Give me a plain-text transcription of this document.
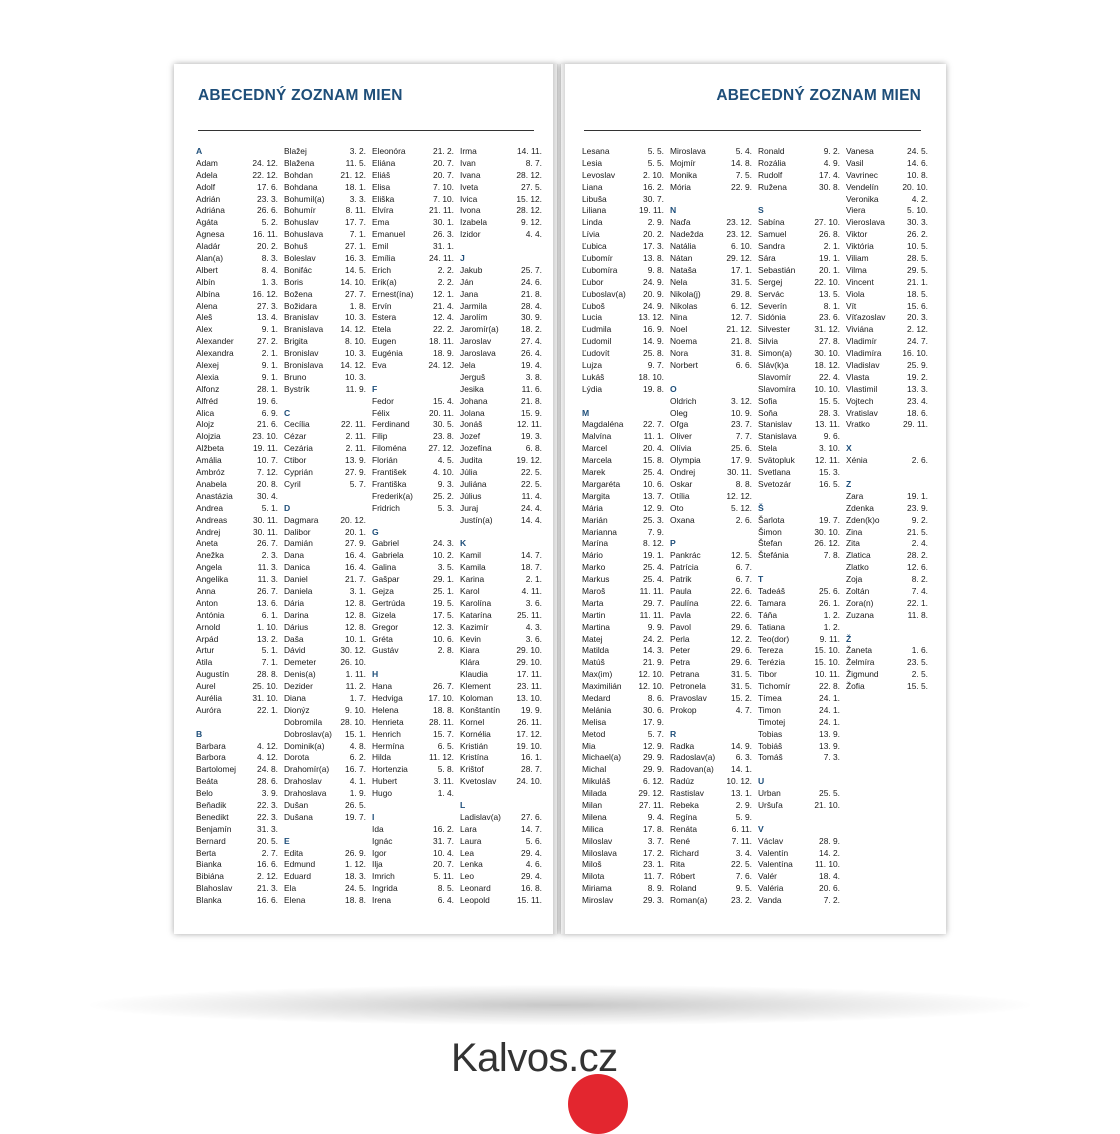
ABECEDNÝ ZOZNAM MIEN
A
Adam	24. 12.
Adela	22. 12.
Adolf	17. 6.
Adrián	23. 3.
Adriána	26. 6.
Agáta	5. 2.
Agnesa	16. 11.
Aladár	20. 2.
Alan(a)	8. 3.
Albert	8. 4.
Albín	1. 3.
Albína	16. 12.
Alena	27. 3.
Aleš	13. 4.
Alex	9. 1.
Alexander	27. 2.
Alexandra	2. 1.
Alexej	9. 1.
Alexia	9. 1.
Alfonz	28. 1.
Alfréd	19. 6.
Alica	6. 9.
Alojz	21. 6.
Alojzia	23. 10.
Alžbeta	19. 11.
Amália	10. 7.
Ambróz	7. 12.
Anabela	20. 8.
Anastázia	30. 4.
Andrea	5. 1.
Andreas	30. 11.
Andrej	30. 11.
Aneta	26. 7.
Anežka	2. 3.
Angela	11. 3.
Angelika	11. 3.
Anna	26. 7.
Anton	13. 6.
Antónia	6. 1.
Arnold	1. 10.
Arpád	13. 2.
Artur	5. 1.
Atila	7. 1.
Augustín	28. 8.
Aurel	25. 10.
Aurélia	31. 10.
Auróra	22. 1.
B
Barbara	4. 12.
Barbora	4. 12.
Bartolomej	24. 8.
Beáta	28. 6.
Belo	3. 9.
Beňadik	22. 3.
Benedikt	22. 3.
Benjamín	31. 3.
Bernard	20. 5.
Berta	2. 7.
Bianka	16. 6.
Bibiána	2. 12.
Blahoslav	21. 3.
Blanka	16. 6.
Blažej	3. 2.
Blažena	11. 5.
Bohdan	21. 12.
Bohdana	18. 1.
Bohumil(a)	3. 3.
Bohumír	8. 11.
Bohuslav	17. 7.
Bohuslava	7. 1.
Bohuš	27. 1.
Boleslav	16. 3.
Bonifác	14. 5.
Boris	14. 10.
Božena	27. 7.
Božidara	1. 8.
Branislav	10. 3.
Branislava 14. 12.
Brigita	8. 10.
Bronislav	10. 3.
Bronislava 14. 12.
Bruno	10. 3.
Bystrík	11. 9.
C
Cecília	22. 11.
Cézar	2. 11.
Cezária	2. 11.
Ctibor	13. 9.
Cyprián	27. 9.
Cyril	5. 7.
D
Dagmara	20. 12.
Dalibor	20. 1.
Damián	27. 9.
Dana	16. 4.
Danica	16. 4.
Daniel	21. 7.
Daniela	3. 1.
Dária	12. 8.
Darina	12. 8.
Dárius	12. 8.
Daša	10. 1.
Dávid	30. 12.
Demeter	26. 10.
Denis(a)	1. 11.
Dezider	11. 2.
Diana	1. 7.
Dionýz	9. 10.
Dobromila 28. 10.
Dobroslav(a) 15. 1.
Dominik(a)	4. 8.
Dorota	6. 2.
Drahomír(a) 16. 7.
Drahoslav	4. 1.
Drahoslava	1. 9.
Dušan	26. 5.
Dušana	19. 7.
E
Edita	26. 9.
Edmund	1. 12.
Eduard	18. 3.
Ela	24. 5.
Elena	18. 8.
Eleonóra	21. 2.
Eliána	20. 7.
Eliáš	20. 7.
Elisa	7. 10.
Eliška	7. 10.
Elvíra	21. 11.
Ema	30. 1.
Emanuel	26. 3.
Emil	31. 1.
Emília	24. 11.
Erich	2. 2.
Erik(a)	2. 2.
Ernest(ína) 12. 1.
Ervín	21. 4.
Estera	12. 4.
Etela	22. 2.
Eugen	18. 11.
Eugénia	18. 9.
Eva	24. 12.
F
Fedor	15. 4.
Félix	20. 11.
Ferdinand	30. 5.
Filip	23. 8.
Filoména	27. 12.
Florián	4. 5.
František	4. 10.
Františka	9. 3.
Frederik(a) 25. 2.
Fridrich	5. 3.
G
Gabriel	24. 3.
Gabriela	10. 2.
Galina	3. 5.
Gašpar	29. 1.
Gejza	25. 1.
Gertrúda	19. 5.
Gizela	17. 5.
Gregor	12. 3.
Gréta	10. 6.
Gustáv	2. 8.
H
Hana	26. 7.
Hedviga	17. 10.
Helena	18. 8.
Henrieta	28. 11.
Henrich	15. 7.
Hermína	6. 5.
Hilda	11. 12.
Hortenzia	5. 8.
Hubert	3. 11.
Hugo	1. 4.
I
Ida	16. 2.
Ignác	31. 7.
Igor	10. 4.
Ilja	20. 7.
Imrich	5. 11.
Ingrida	8. 5.
Irena	6. 4.
Irma	14. 11.
Ivan	8. 7.
Ivana	28. 12.
Iveta	27. 5.
Ivica	15. 12.
Ivona	28. 12.
Izabela	9. 12.
Izidor	4. 4.
J
Jakub	25. 7.
Ján	24. 6.
Jana	21. 8.
Jarmila	28. 4.
Jarolím	30. 9.
Jaromír(a)	18. 2.
Jaroslav	27. 4.
Jaroslava	26. 4.
Jela	19. 4.
Jerguš	3. 8.
Jesika	11. 6.
Johana	21. 8.
Jolana	15. 9.
Jonáš	12. 11.
Jozef	19. 3.
Jozefína	6. 8.
Judita	19. 12.
Júlia	22. 5.
Juliána	22. 5.
Július	11. 4.
Juraj	24. 4.
Justín(a)	14. 4.
K
Kamil	14. 7.
Kamila	18. 7.
Karina	2. 1.
Karol	4. 11.
Karolína	3. 6.
Katarína	25. 11.
Kazimír	4. 3.
Kevin	3. 6.
Kiara	29. 10.
Klára	29. 10.
Klaudia	17. 11.
Klement	23. 11.
Koloman	13. 10.
Konštantín 19. 9.
Kornel	26. 11.
Kornélia	17. 12.
Kristián	19. 10.
Kristína	16. 1.
Krištof	28. 7.
Kvetoslav 24. 10.
L
Ladislav(a) 27. 6.
Lara	14. 7.
Laura	5. 6.
Lea	29. 4.
Lenka	4. 6.
Leo	29. 4.
Leonard	16. 8.
Leopold	15. 11.
ABECEDNÝ ZOZNAM MIEN
Lesana	5. 5.
Lesia	5. 5.
Levoslav	2. 10.
Liana	16. 2.
Libuša	30. 7.
Liliana	19. 11.
Linda	2. 9.
Lívia	20. 2.
Ľubica	17. 3.
Ľubomír	13. 8.
Ľubomíra	9. 8.
Ľubor	24. 9.
Ľuboslav(a) 20. 9.
Ľuboš	24. 9.
Lucia	13. 12.
Ľudmila	16. 9.
Ľudomil	14. 9.
Ľudovít	25. 8.
Lujza	9. 7.
Lukáš	18. 10.
Lýdia	19. 8.
M
Magdaléna 22. 7.
Malvína	11. 1.
Marcel	20. 4.
Marcela	15. 8.
Marek	25. 4.
Margaréta	10. 6.
Margita	13. 7.
Mária	12. 9.
Marián	25. 3.
Marianna	7. 9.
Marína	8. 12.
Mário	19. 1.
Marko	25. 4.
Markus	25. 4.
Maroš	11. 11.
Marta	29. 7.
Martin	11. 11.
Martina	9. 9.
Matej	24. 2.
Matilda	14. 3.
Matúš	21. 9.
Max(im)	12. 10.
Maximilián 12. 10.
Medard	8. 6.
Melánia	30. 6.
Melisa	17. 9.
Metod	5. 7.
Mia	12. 9.
Michael(a)	29. 9.
Michal	29. 9.
Mikuláš	6. 12.
Milada	29. 12.
Milan	27. 11.
Milena	9. 4.
Milica	17. 8.
Miloslav	3. 7.
Miloslava	17. 2.
Miloš	23. 1.
Milota	11. 7.
Miriama	8. 9.
Miroslav	29. 3.
Miroslava	5. 4.
Mojmír	14. 8.
Monika	7. 5.
Mória	22. 9.
N
Naďa	23. 12.
Nadežda	23. 12.
Natália	6. 10.
Nátan	29. 12.
Nataša	17. 1.
Nela	31. 5.
Nikola(j)	29. 8.
Nikolas	6. 12.
Nina	12. 7.
Noel	21. 12.
Noema	21. 8.
Nora	31. 8.
Norbert	6. 6.
O
Oldrich	3. 12.
Oleg	10. 9.
Oľga	23. 7.
Oliver	7. 7.
Olívia	25. 6.
Olympia	17. 9.
Ondrej	30. 11.
Oskar	8. 8.
Otília	12. 12.
Oto	5. 12.
Oxana	2. 6.
P
Pankrác	12. 5.
Patrícia	6. 7.
Patrik	6. 7.
Paula	22. 6.
Paulína	22. 6.
Pavla	22. 6.
Pavol	29. 6.
Perla	12. 2.
Peter	29. 6.
Petra	29. 6.
Petrana	31. 5.
Petronela	31. 5.
Pravoslav	15. 2.
Prokop	4. 7.
R
Radka	14. 9.
Radoslav(a) 6. 3.
Radovan(a) 14. 1.
Radúz	10. 12.
Rastislav	13. 1.
Rebeka	2. 9.
Regína	5. 9.
Renáta	6. 11.
René	7. 11.
Richard	3. 4.
Rita	22. 5.
Róbert	7. 6.
Roland	9. 5.
Roman(a)	23. 2.
Ronald	9. 2.
Rozália	4. 9.
Rudolf	17. 4.
Ružena	30. 8.
S
Sabína	27. 10.
Samuel	26. 8.
Sandra	2. 1.
Sára	19. 1.
Sebastián	20. 1.
Sergej	22. 10.
Servác	13. 5.
Severín	8. 1.
Sidónia	23. 6.
Silvester	31. 12.
Silvia	27. 8.
Simon(a)	30. 10.
Sláv(k)a	18. 12.
Slavomír	22. 4.
Slavomíra 10. 10.
Sofia	15. 5.
Soňa	28. 3.
Stanislav	13. 11.
Stanislava	9. 6.
Stela	3. 10.
Svätopluk 12. 11.
Svetlana	15. 3.
Svetozár	16. 5.
Š
Šarlota	19. 7.
Šimon	30. 10.
Štefan	26. 12.
Štefánia	7. 8.
T
Tadeáš	25. 6.
Tamara	26. 1.
Táňa	1. 2.
Tatiana	1. 2.
Teo(dor)	9. 11.
Tereza	15. 10.
Terézia	15. 10.
Tibor	10. 11.
Tichomír	22. 8.
Tímea	24. 1.
Timon	24. 1.
Timotej	24. 1.
Tobias	13. 9.
Tobiáš	13. 9.
Tomáš	7. 3.
U
Urban	25. 5.
Uršuľa	21. 10.
V
Václav	28. 9.
Valentín	14. 2.
Valentína	11. 10.
Valér	18. 4.
Valéria	20. 6.
Vanda	7. 2.
Vanesa	24. 5.
Vasil	14. 6.
Vavrinec	10. 8.
Vendelín	20. 10.
Veronika	4. 2.
Viera	5. 10.
Vieroslava	30. 3.
Viktor	26. 2.
Viktória	10. 5.
Viliam	28. 5.
Vilma	29. 5.
Vincent	21. 1.
Viola	18. 5.
Vít	15. 6.
Víťazoslav	20. 3.
Viviána	2. 12.
Vladimír	24. 7.
Vladimíra	16. 10.
Vladislav	25. 9.
Vlasta	19. 2.
Vlastimil	13. 3.
Vojtech	23. 4.
Vratislav	18. 6.
Vratko	29. 11.
X
Xénia	2. 6.
Z
Zara	19. 1.
Zdenka	23. 9.
Zden(k)o	9. 2.
Zina	21. 5.
Zita	2. 4.
Zlatica	28. 2.
Zlatko	12. 6.
Zoja	8. 2.
Zoltán	7. 4.
Zora(n)	22. 1.
Zuzana	11. 8.
Ž
Žaneta	1. 6.
Želmíra	23. 5.
Žigmund	2. 5.
Žofia	15. 5.
Kalvos.cz
